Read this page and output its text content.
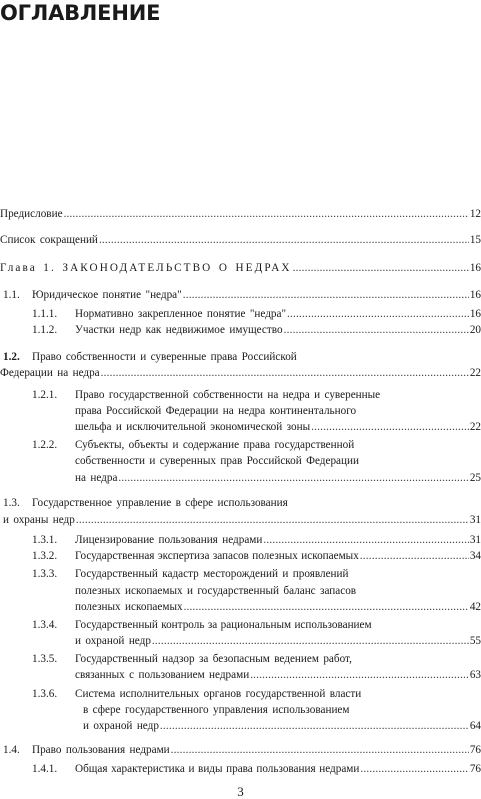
ОГЛАВЛЕНИЕ
Предисловие .....	12
Список сокращений .....	15
Глава 1. ЗАКОНОДАТЕЛЬСТВО О НЕДРАХ .....	16
1.1. Юридическое понятие "недра" .....	16
1.1.1. Нормативно закрепленное понятие "недра" .....	16
1.1.2. Участки недр как недвижимое имущество .....	20
1.2. Право собственности и суверенные права Российской
Федерации на недра .....	22
1.2.1. Право государственной собственности на недра и суверенные
права Российской Федерации на недра континентального
шельфа и исключительной экономической зоны .....	22
1.2.2. Субъекты, объекты и содержание права государственной
собственности и суверенных прав Российской Федерации
на недра .....	25
1.3. Государственное управление в сфере использования
и охраны недр .....	31
1.3.1. Лицензирование пользования недрами .....	31
1.3.2. Государственная экспертиза запасов полезных ископаемых .....	34
1.3.3. Государственный кадастр месторождений и проявлений
полезных ископаемых и государственный баланс запасов
полезных ископаемых .....	42
1.3.4. Государственный контроль за рациональным использованием
и охраной недр .....	55
1.3.5. Государственный надзор за безопасным ведением работ,
связанных с пользованием недрами .....	63
1.3.6. Система исполнительных органов государственной власти
в сфере государственного управления использованием
и охраной недр .....	64
1.4. Право пользования недрами .....	76
1.4.1. Общая характеристика и виды права пользования недрами .....	76
3
